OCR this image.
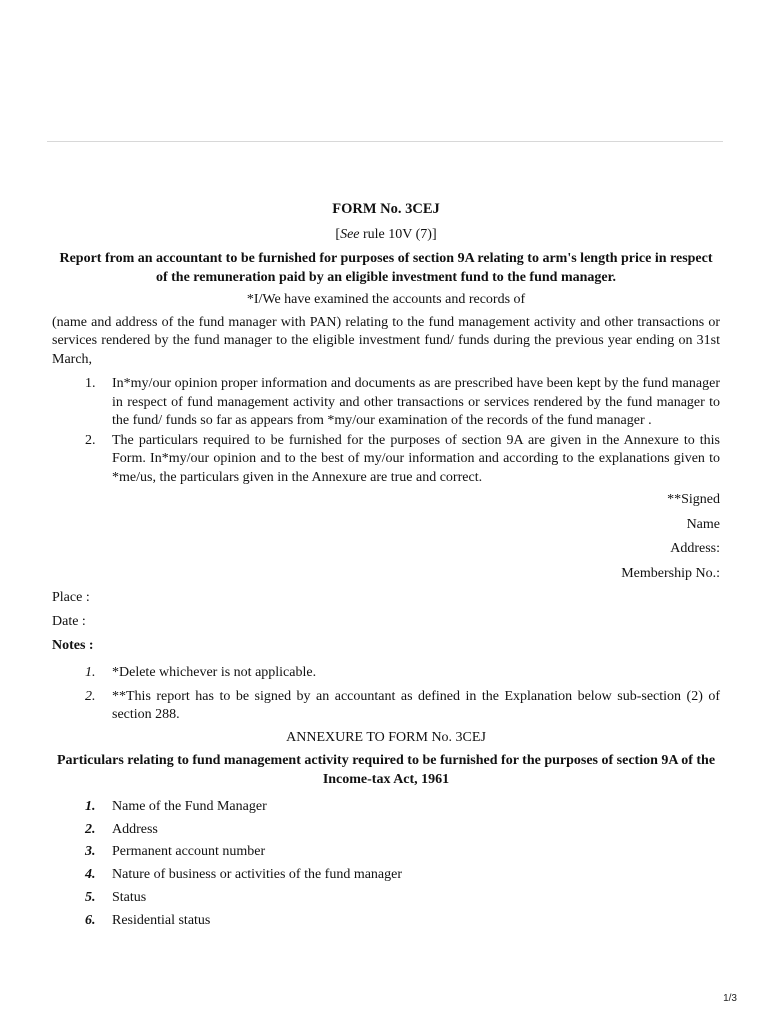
FORM No. 3CEJ
[See rule 10V (7)]
Report from an accountant to be furnished for purposes of section 9A relating to arm's length price in respect of the remuneration paid by an eligible investment fund to the fund manager.
*I/We have examined the accounts and records of
(name and address of the fund manager with PAN) relating to the fund management activity and other transactions or services rendered by the fund manager to the eligible investment fund/ funds during the previous year ending on 31st March,
1.	In*my/our opinion proper information and documents as are prescribed have been kept by the fund manager in respect of fund management activity and other transactions or services rendered by the fund manager to the fund/ funds so far as appears from *my/our examination of the records of the fund manager .
2.	The particulars required to be furnished for the purposes of section 9A are given in the Annexure to this Form. In*my/our opinion and to the best of my/our information and according to the explanations given to *me/us, the particulars given in the Annexure are true and correct.
**Signed
Name
Address:
Membership No.:
Place :
Date :
Notes :
1. *Delete whichever is not applicable.
2. **This report has to be signed by an accountant as defined in the Explanation below sub-section (2) of section 288.
ANNEXURE TO FORM No. 3CEJ
Particulars relating to fund management activity required to be furnished for the purposes of section 9A of the Income-tax Act, 1961
1. Name of the Fund Manager
2. Address
3. Permanent account number
4. Nature of business or activities of the fund manager
5. Status
6. Residential status
1/3
